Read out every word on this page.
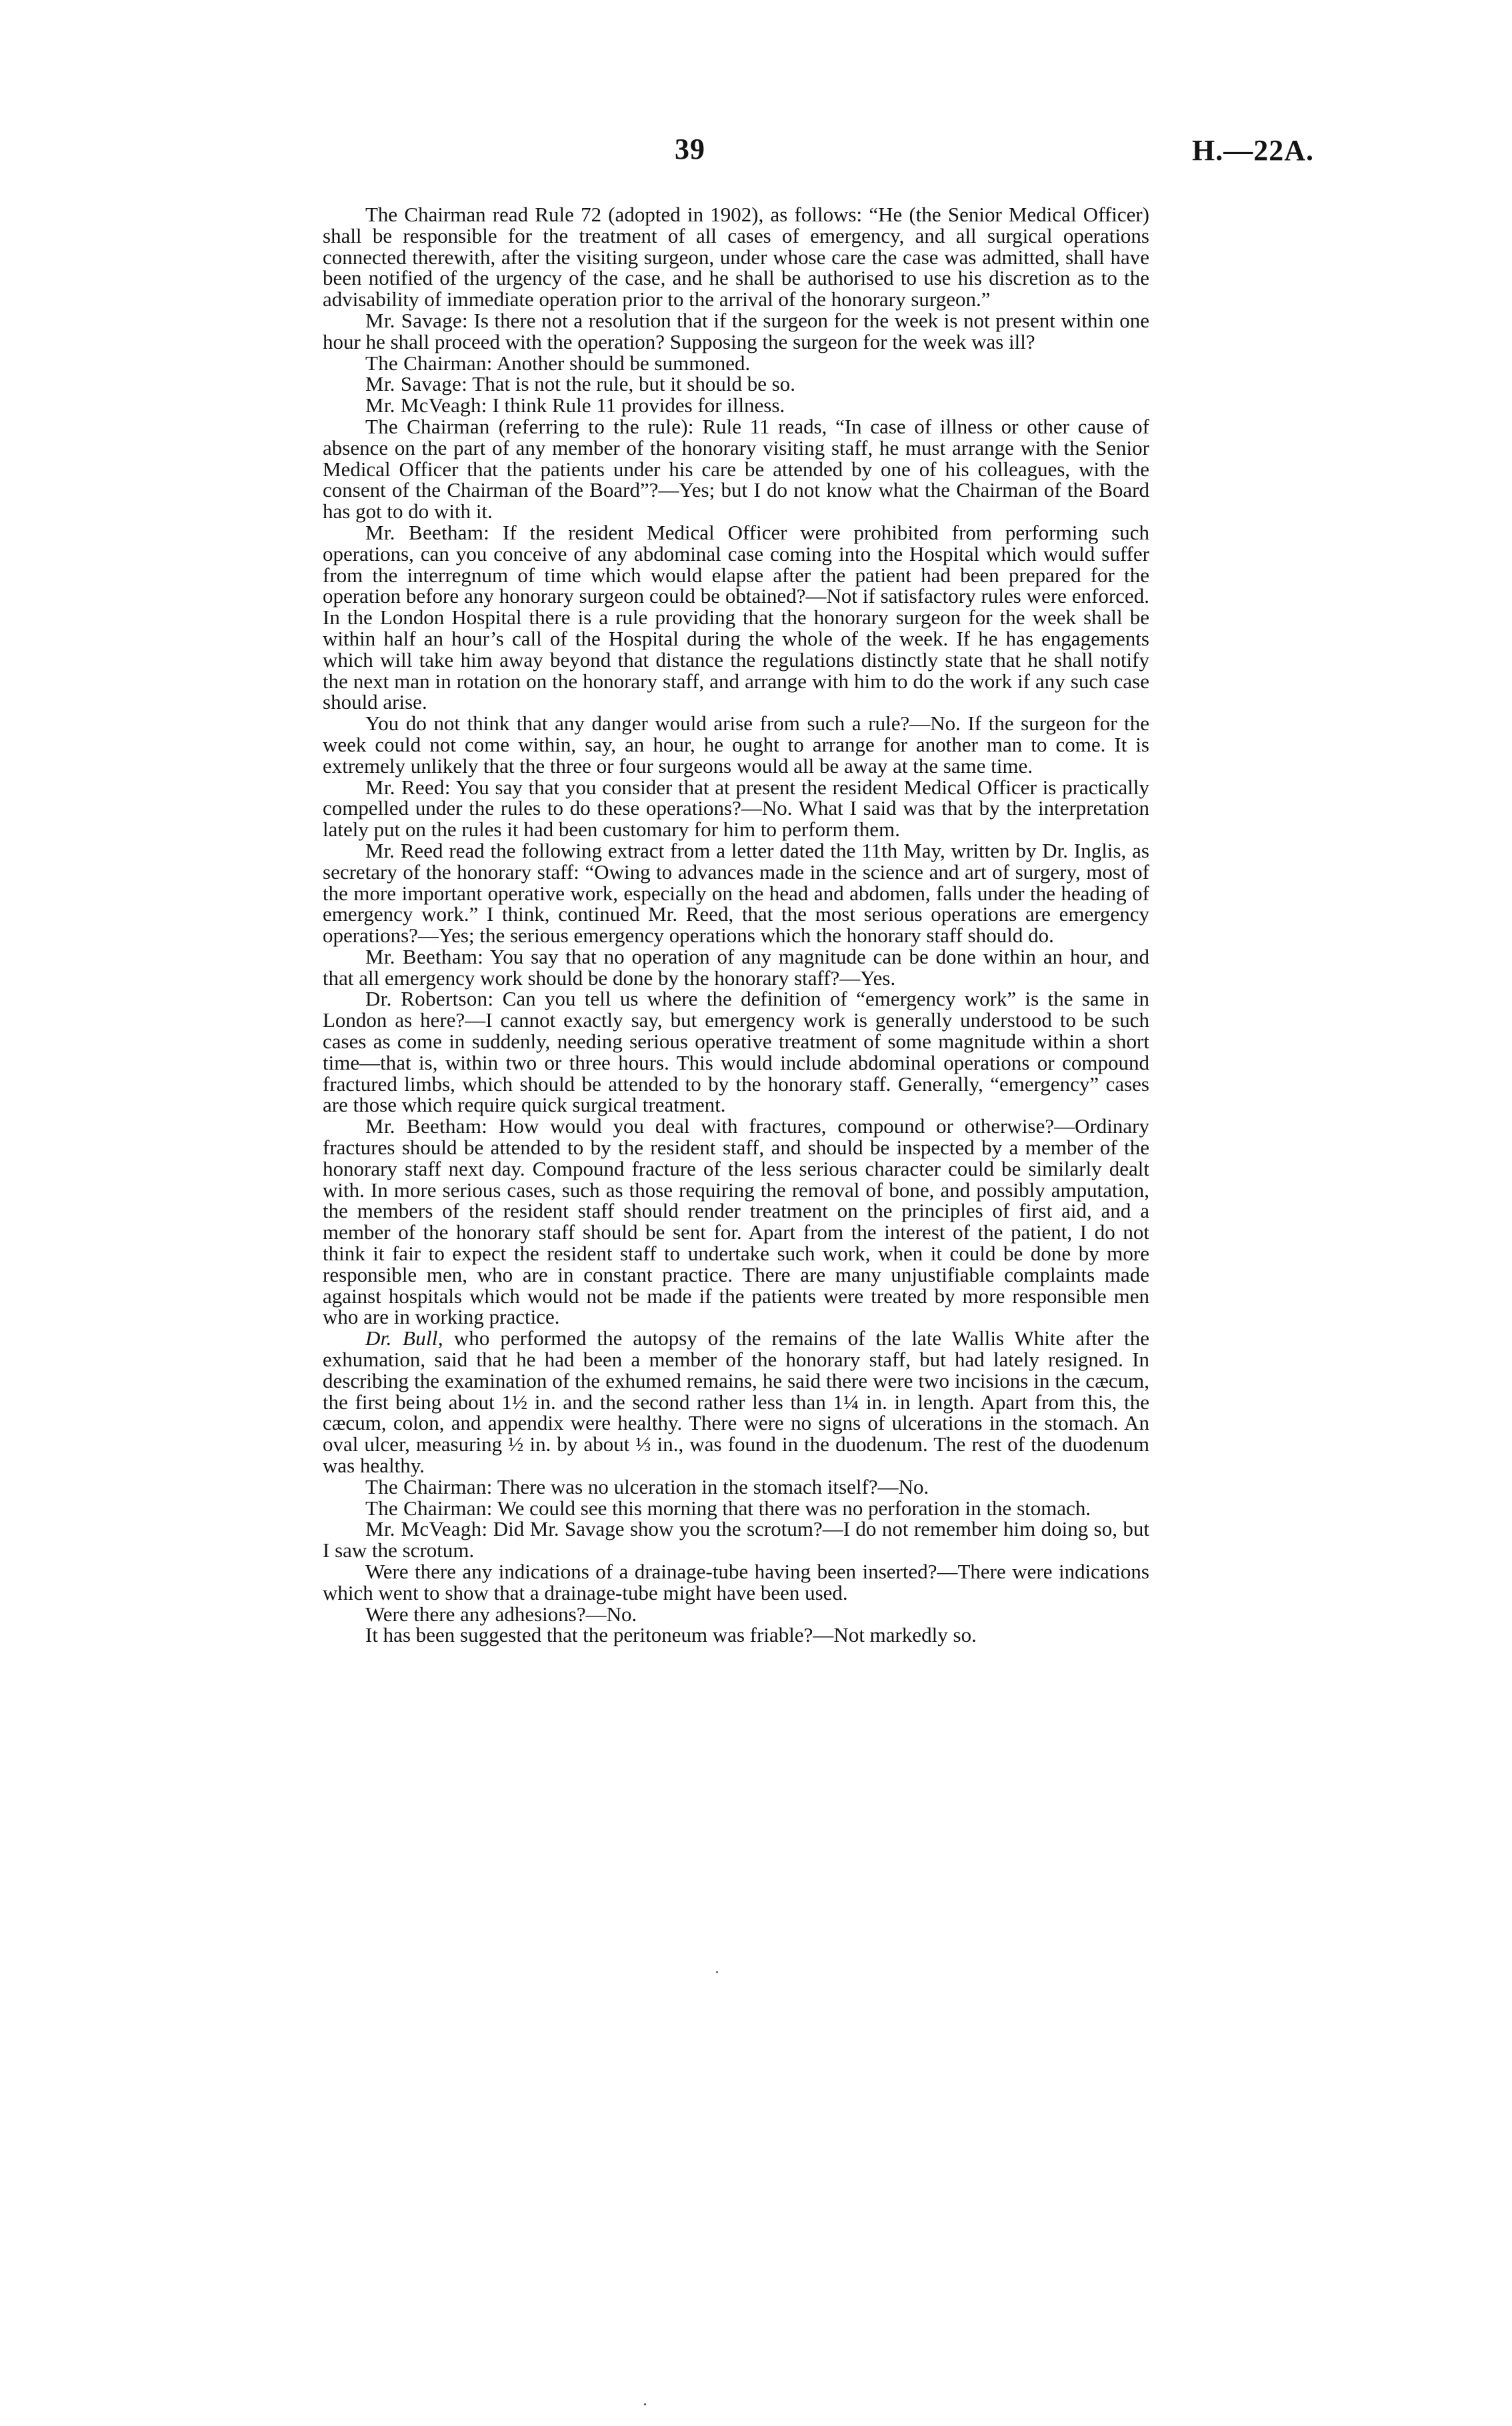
39	H.—22A.

The Chairman read Rule 72 (adopted in 1902), as follows: “He (the Senior Medical Officer) shall be responsible for the treatment of all cases of emergency, and all surgical operations connected therewith, after the visiting surgeon, under whose care the case was admitted, shall have been notified of the urgency of the case, and he shall be authorised to use his discretion as to the advisability of immediate operation prior to the arrival of the honorary surgeon.”

Mr. Savage: Is there not a resolution that if the surgeon for the week is not present within one hour he shall proceed with the operation? Supposing the surgeon for the week was ill?

The Chairman: Another should be summoned.

Mr. Savage: That is not the rule, but it should be so.

Mr. McVeagh: I think Rule 11 provides for illness.

The Chairman (referring to the rule): Rule 11 reads, “In case of illness or other cause of absence on the part of any member of the honorary visiting staff, he must arrange with the Senior Medical Officer that the patients under his care be attended by one of his colleagues, with the consent of the Chairman of the Board”?—Yes; but I do not know what the Chairman of the Board has got to do with it.

Mr. Beetham: If the resident Medical Officer were prohibited from performing such operations, can you conceive of any abdominal case coming into the Hospital which would suffer from the interregnum of time which would elapse after the patient had been prepared for the operation before any honorary surgeon could be obtained?—Not if satisfactory rules were enforced. In the London Hospital there is a rule providing that the honorary surgeon for the week shall be within half an hour’s call of the Hospital during the whole of the week. If he has engagements which will take him away beyond that distance the regulations distinctly state that he shall notify the next man in rotation on the honorary staff, and arrange with him to do the work if any such case should arise.

You do not think that any danger would arise from such a rule?—No. If the surgeon for the week could not come within, say, an hour, he ought to arrange for another man to come. It is extremely unlikely that the three or four surgeons would all be away at the same time.

Mr. Reed: You say that you consider that at present the resident Medical Officer is practically compelled under the rules to do these operations?—No. What I said was that by the interpretation lately put on the rules it had been customary for him to perform them.

Mr. Reed read the following extract from a letter dated the 11th May, written by Dr. Inglis, as secretary of the honorary staff: “Owing to advances made in the science and art of surgery, most of the more important operative work, especially on the head and abdomen, falls under the heading of emergency work.” I think, continued Mr. Reed, that the most serious operations are emergency operations?—Yes; the serious emergency operations which the honorary staff should do.

Mr. Beetham: You say that no operation of any magnitude can be done within an hour, and that all emergency work should be done by the honorary staff?—Yes.

Dr. Robertson: Can you tell us where the definition of “emergency work” is the same in London as here?—I cannot exactly say, but emergency work is generally understood to be such cases as come in suddenly, needing serious operative treatment of some magnitude within a short time—that is, within two or three hours. This would include abdominal operations or compound fractured limbs, which should be attended to by the honorary staff. Generally, “emergency” cases are those which require quick surgical treatment.

Mr. Beetham: How would you deal with fractures, compound or otherwise?—Ordinary fractures should be attended to by the resident staff, and should be inspected by a member of the honorary staff next day. Compound fracture of the less serious character could be similarly dealt with. In more serious cases, such as those requiring the removal of bone, and possibly amputation, the members of the resident staff should render treatment on the principles of first aid, and a member of the honorary staff should be sent for. Apart from the interest of the patient, I do not think it fair to expect the resident staff to undertake such work, when it could be done by more responsible men, who are in constant practice. There are many unjustifiable complaints made against hospitals which would not be made if the patients were treated by more responsible men who are in working practice.

Dr. Bull, who performed the autopsy of the remains of the late Wallis White after the exhumation, said that he had been a member of the honorary staff, but had lately resigned. In describing the examination of the exhumed remains, he said there were two incisions in the cæcum, the first being about 1½ in. and the second rather less than 1¼ in. in length. Apart from this, the cæcum, colon, and appendix were healthy. There were no signs of ulcerations in the stomach. An oval ulcer, measuring ½ in. by about ⅓ in., was found in the duodenum. The rest of the duodenum was healthy.

The Chairman: There was no ulceration in the stomach itself?—No.

The Chairman: We could see this morning that there was no perforation in the stomach.

Mr. McVeagh: Did Mr. Savage show you the scrotum?—I do not remember him doing so, but I saw the scrotum.

Were there any indications of a drainage-tube having been inserted?—There were indications which went to show that a drainage-tube might have been used.

Were there any adhesions?—No.

It has been suggested that the peritoneum was friable?—Not markedly so.
